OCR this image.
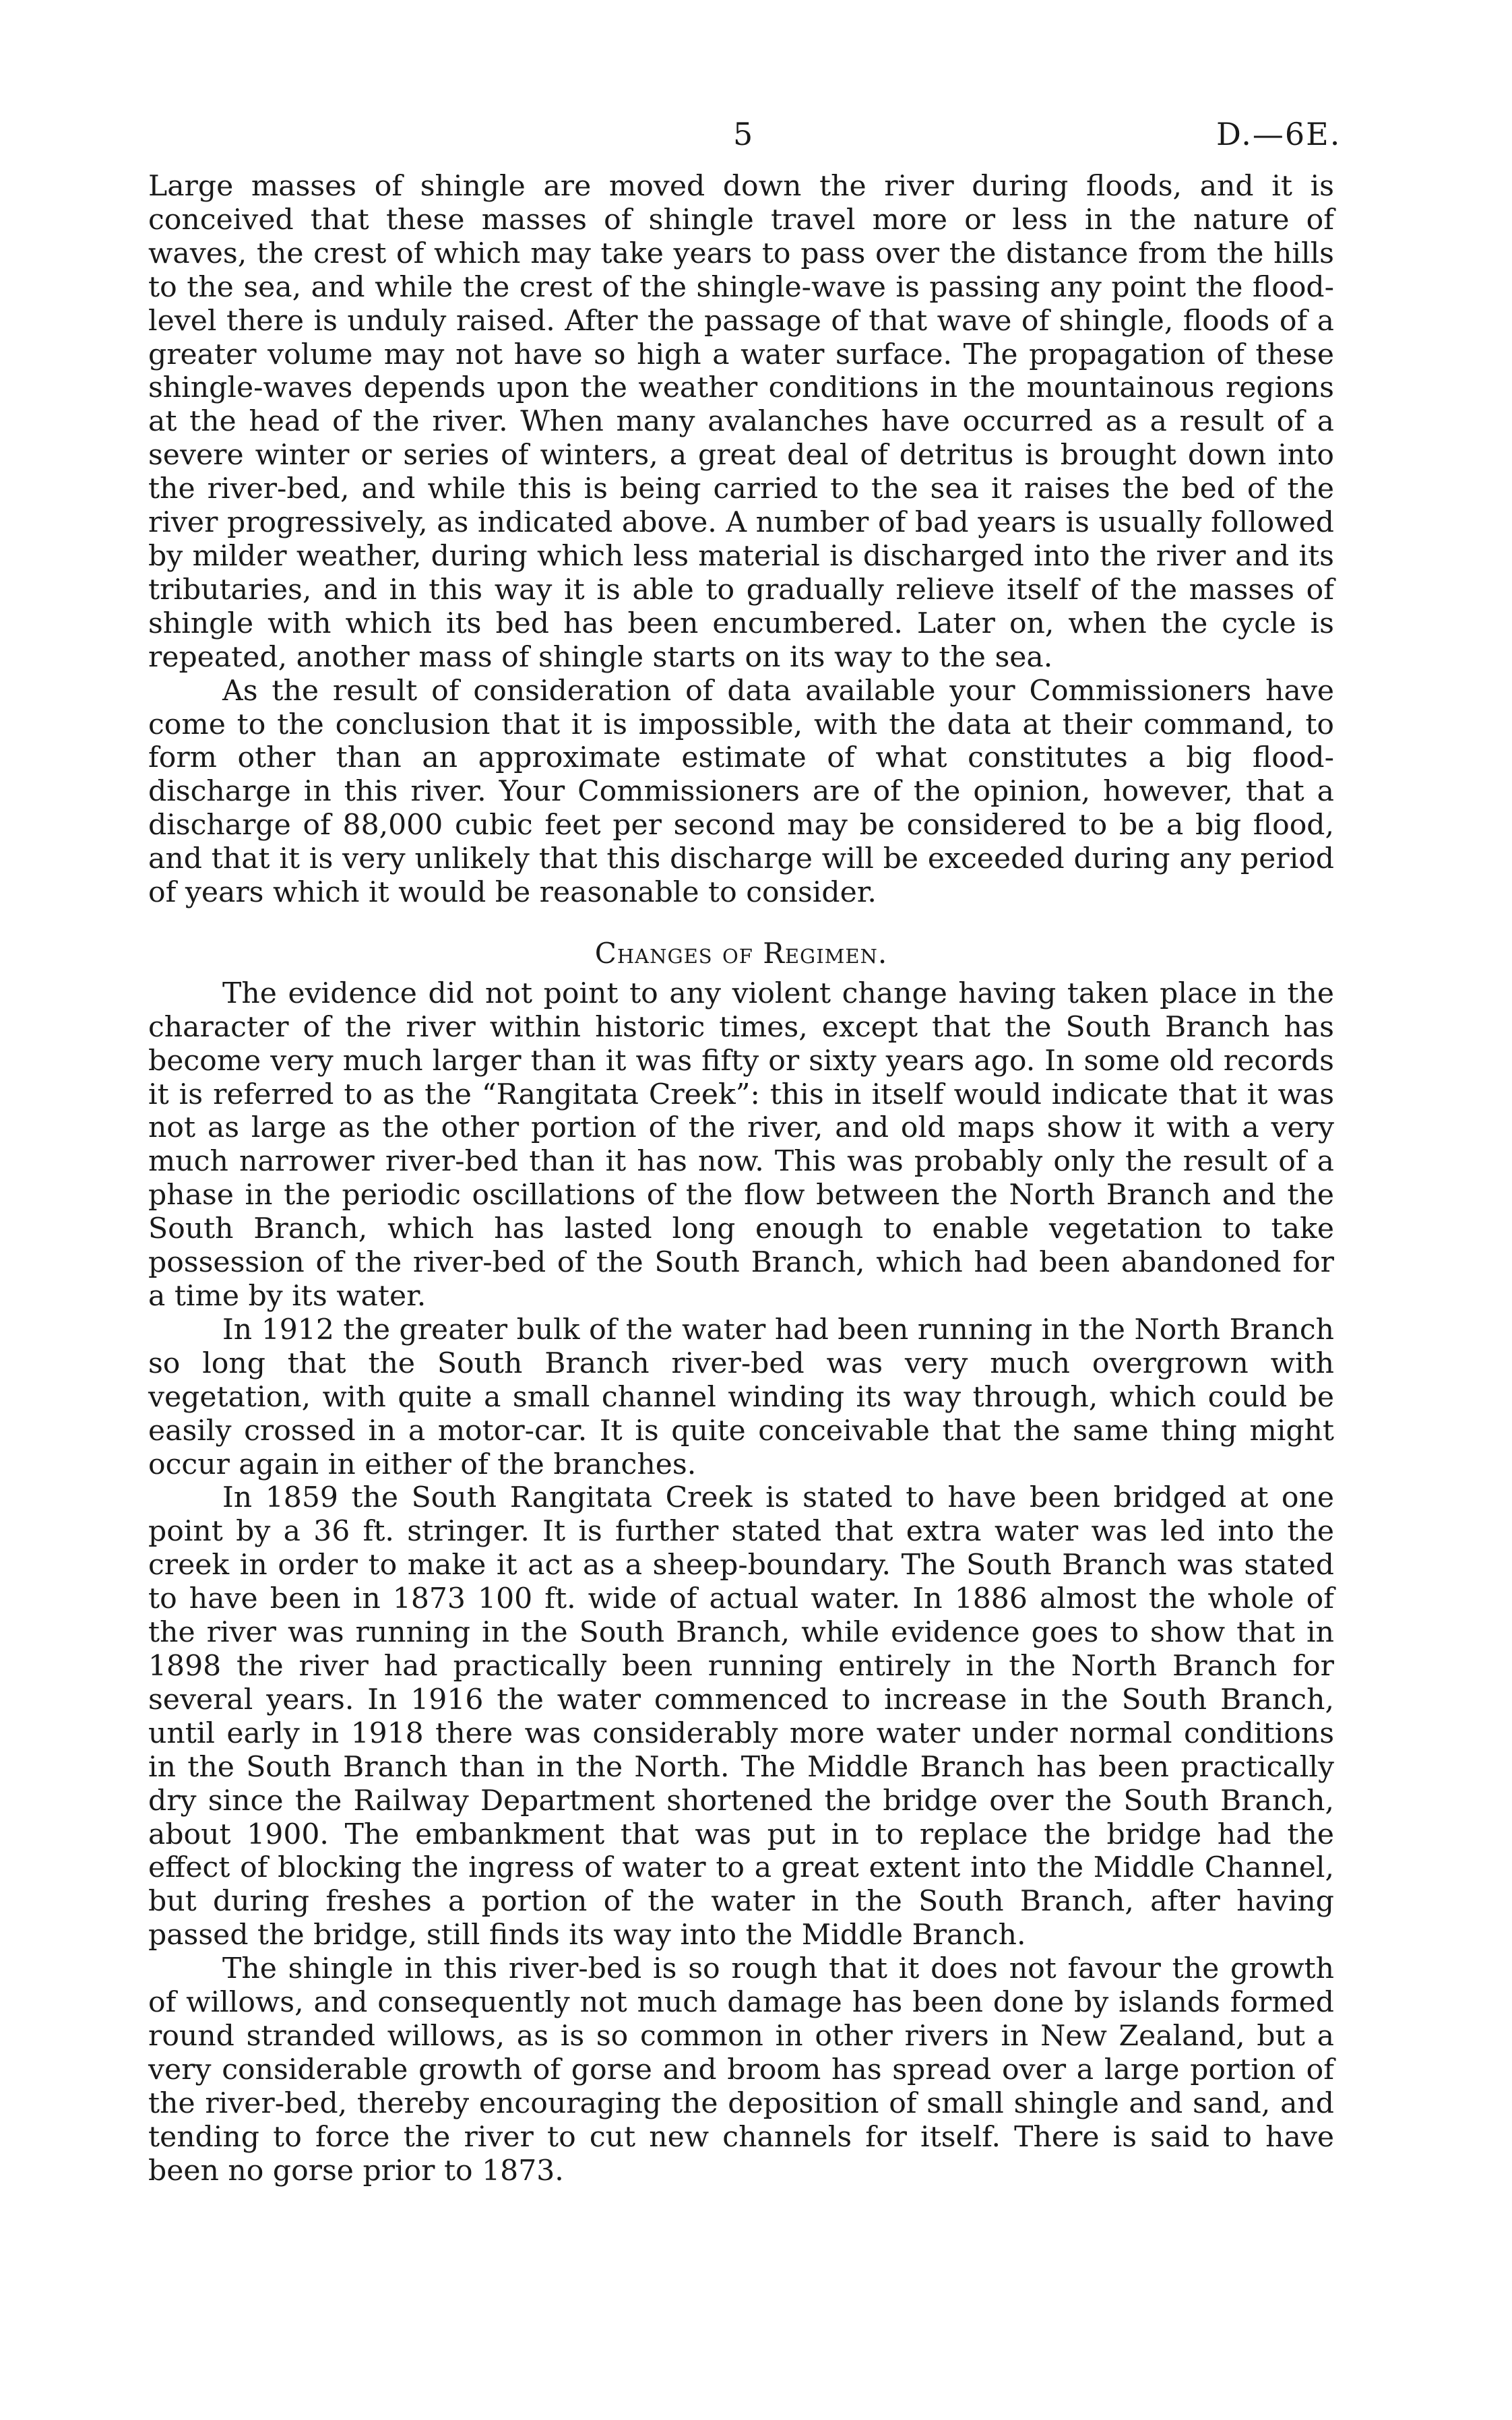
5	D.—6E.

Large masses of shingle are moved down the river during floods, and it is conceived that these masses of shingle travel more or less in the nature of waves, the crest of which may take years to pass over the distance from the hills to the sea, and while the crest of the shingle-wave is passing any point the flood-level there is unduly raised. After the passage of that wave of shingle, floods of a greater volume may not have so high a water surface. The propagation of these shingle-waves depends upon the weather conditions in the mountainous regions at the head of the river. When many avalanches have occurred as a result of a severe winter or series of winters, a great deal of detritus is brought down into the river-bed, and while this is being carried to the sea it raises the bed of the river progressively, as indicated above. A number of bad years is usually followed by milder weather, during which less material is discharged into the river and its tributaries, and in this way it is able to gradually relieve itself of the masses of shingle with which its bed has been encumbered. Later on, when the cycle is repeated, another mass of shingle starts on its way to the sea.

As the result of consideration of data available your Commissioners have come to the conclusion that it is impossible, with the data at their command, to form other than an approximate estimate of what constitutes a big flood-discharge in this river. Your Commissioners are of the opinion, however, that a discharge of 88,000 cubic feet per second may be considered to be a big flood, and that it is very unlikely that this discharge will be exceeded during any period of years which it would be reasonable to consider.

Changes of Regimen.

The evidence did not point to any violent change having taken place in the character of the river within historic times, except that the South Branch has become very much larger than it was fifty or sixty years ago. In some old records it is referred to as the “Rangitata Creek”: this in itself would indicate that it was not as large as the other portion of the river, and old maps show it with a very much narrower river-bed than it has now. This was probably only the result of a phase in the periodic oscillations of the flow between the North Branch and the South Branch, which has lasted long enough to enable vegetation to take possession of the river-bed of the South Branch, which had been abandoned for a time by its water.

In 1912 the greater bulk of the water had been running in the North Branch so long that the South Branch river-bed was very much overgrown with vegetation, with quite a small channel winding its way through, which could be easily crossed in a motor-car. It is quite conceivable that the same thing might occur again in either of the branches.

In 1859 the South Rangitata Creek is stated to have been bridged at one point by a 36 ft. stringer. It is further stated that extra water was led into the creek in order to make it act as a sheep-boundary. The South Branch was stated to have been in 1873 100 ft. wide of actual water. In 1886 almost the whole of the river was running in the South Branch, while evidence goes to show that in 1898 the river had practically been running entirely in the North Branch for several years. In 1916 the water commenced to increase in the South Branch, until early in 1918 there was considerably more water under normal conditions in the South Branch than in the North. The Middle Branch has been practically dry since the Railway Department shortened the bridge over the South Branch, about 1900. The embankment that was put in to replace the bridge had the effect of blocking the ingress of water to a great extent into the Middle Channel, but during freshes a portion of the water in the South Branch, after having passed the bridge, still finds its way into the Middle Branch.

The shingle in this river-bed is so rough that it does not favour the growth of willows, and consequently not much damage has been done by islands formed round stranded willows, as is so common in other rivers in New Zealand, but a very considerable growth of gorse and broom has spread over a large portion of the river-bed, thereby encouraging the deposition of small shingle and sand, and tending to force the river to cut new channels for itself. There is said to have been no gorse prior to 1873.
